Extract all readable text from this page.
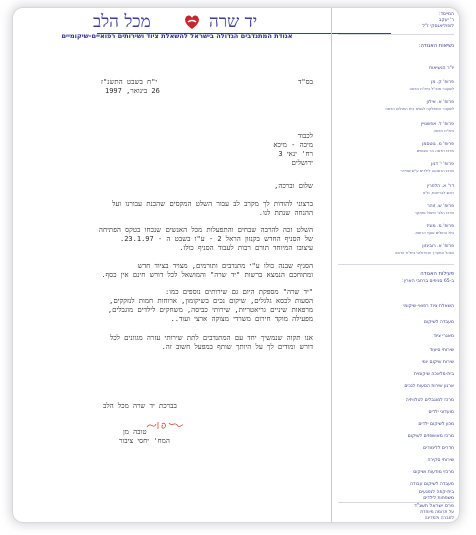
יד שרה
מכל הלב
אגודת המתנדבים הגדולה בישראל להשאלת ציוד ושירותים רפואיים-שיקומיים
המייסד:
ר' יעקב
לופוליאנסקי ז"ל
נשיאות האגודה:
יו"ר הנשיאות
פרופ' ק. מן
לשעבר מנכ"ל בית"ח הדסה
פרופ' א. אילון
לשעבר המחלקה לגסיא בית החולים הדסה
פרופ' ל. אפשטיין
בית"ח הדסה
פרופ' מ. גוטסמן
מרכז הדסה הר הצופים
פרופ' י' דנון
מרכז הרפואה לילדים ע"ש שניידר
דר' א. הלפרין
ראש לבריאות, ת"א
פרופ' ש. זוהר
מרכז הלב' טיפול ומחקר
פרופ' מ. מוניז
בית החולים אסף הרופא
פרופ' א. רובינזון
מנהל המערך הנוירולוגי בית"ח הדסה
פעילות האגודה
ב-65 סניפים ברחבי הארץ:
השאלת ציוד רפואי-שיקומי
מעבדה לשיקום
מאגרי ציוד
שירותי סיעוד
שירות שיקום יומי
בית-מלאכה שיקומית
ארגון שירות הסעות לנכים
מרכז למוגבלים לטלוויזיה
מועדוני ילדים
מכון לשיקום ילדים
מרכז מאושפזים לשיקום
חדרים ללימודים
שירותי סקירה
מרכזי מודעות ושיקום
מעבדה לשיקום עבודה
בית-קפה לנפגעים
משפחות לילדים
פרס ישראל תשנ"ד
על תרומה מיוחדת
לחברה ולמדינה
י"ח בשבט התשנ"ז
26 בינואר, 1997
בס"ד
לכבוד
מיכה - מיכא
רח' ינאי 3
ירושלים
שלום וברכה,
ברצוני להודות לך מקרב לב עבור השלט המקסים שהכנת עבורנו ועל
ההנחה שנתת לנו.
השלט זכה להרבה שבחים והתפעלות מכל האנשים שנכחו בטקס הפתיחה
של הסניף החדש בקנזון הראל 2 - ע"ו בשבט ה - 23.1.97.
עיצובו המיוחד תורם רבות לעבוד הסניף כולו.
הסניף שבנה כולו ע"י מתנדבים ותורמים, מצויד בציוד חדש
ומתוחכם הנמצא ברשות "יד שרה" והמושאל לכל דורש חינם אין כסף.
"יד שרה" מספקת היום גם שירותים נוספים כמו:
הסעות לכסא גלגלים, שיקום נכים בשיקומון, ארוחות חמות לנזקקים,
מרפאות שיניים גריאטריות, שירותי כביסה, משחקים לילדים מוגבלים,
מפעילה מוקד חירום משרדי מצוקה ארצי ועוד..
אנו תקוה שנמשיך יחד עם המתנדבים לתת שירותי עזרה מגוונים לכל
דורש ומודים לך על היותך שותף במפעל חשוב זה.
בברכת יד שרה מכל הלב
טובה מן
המח' יחסי ציבור
